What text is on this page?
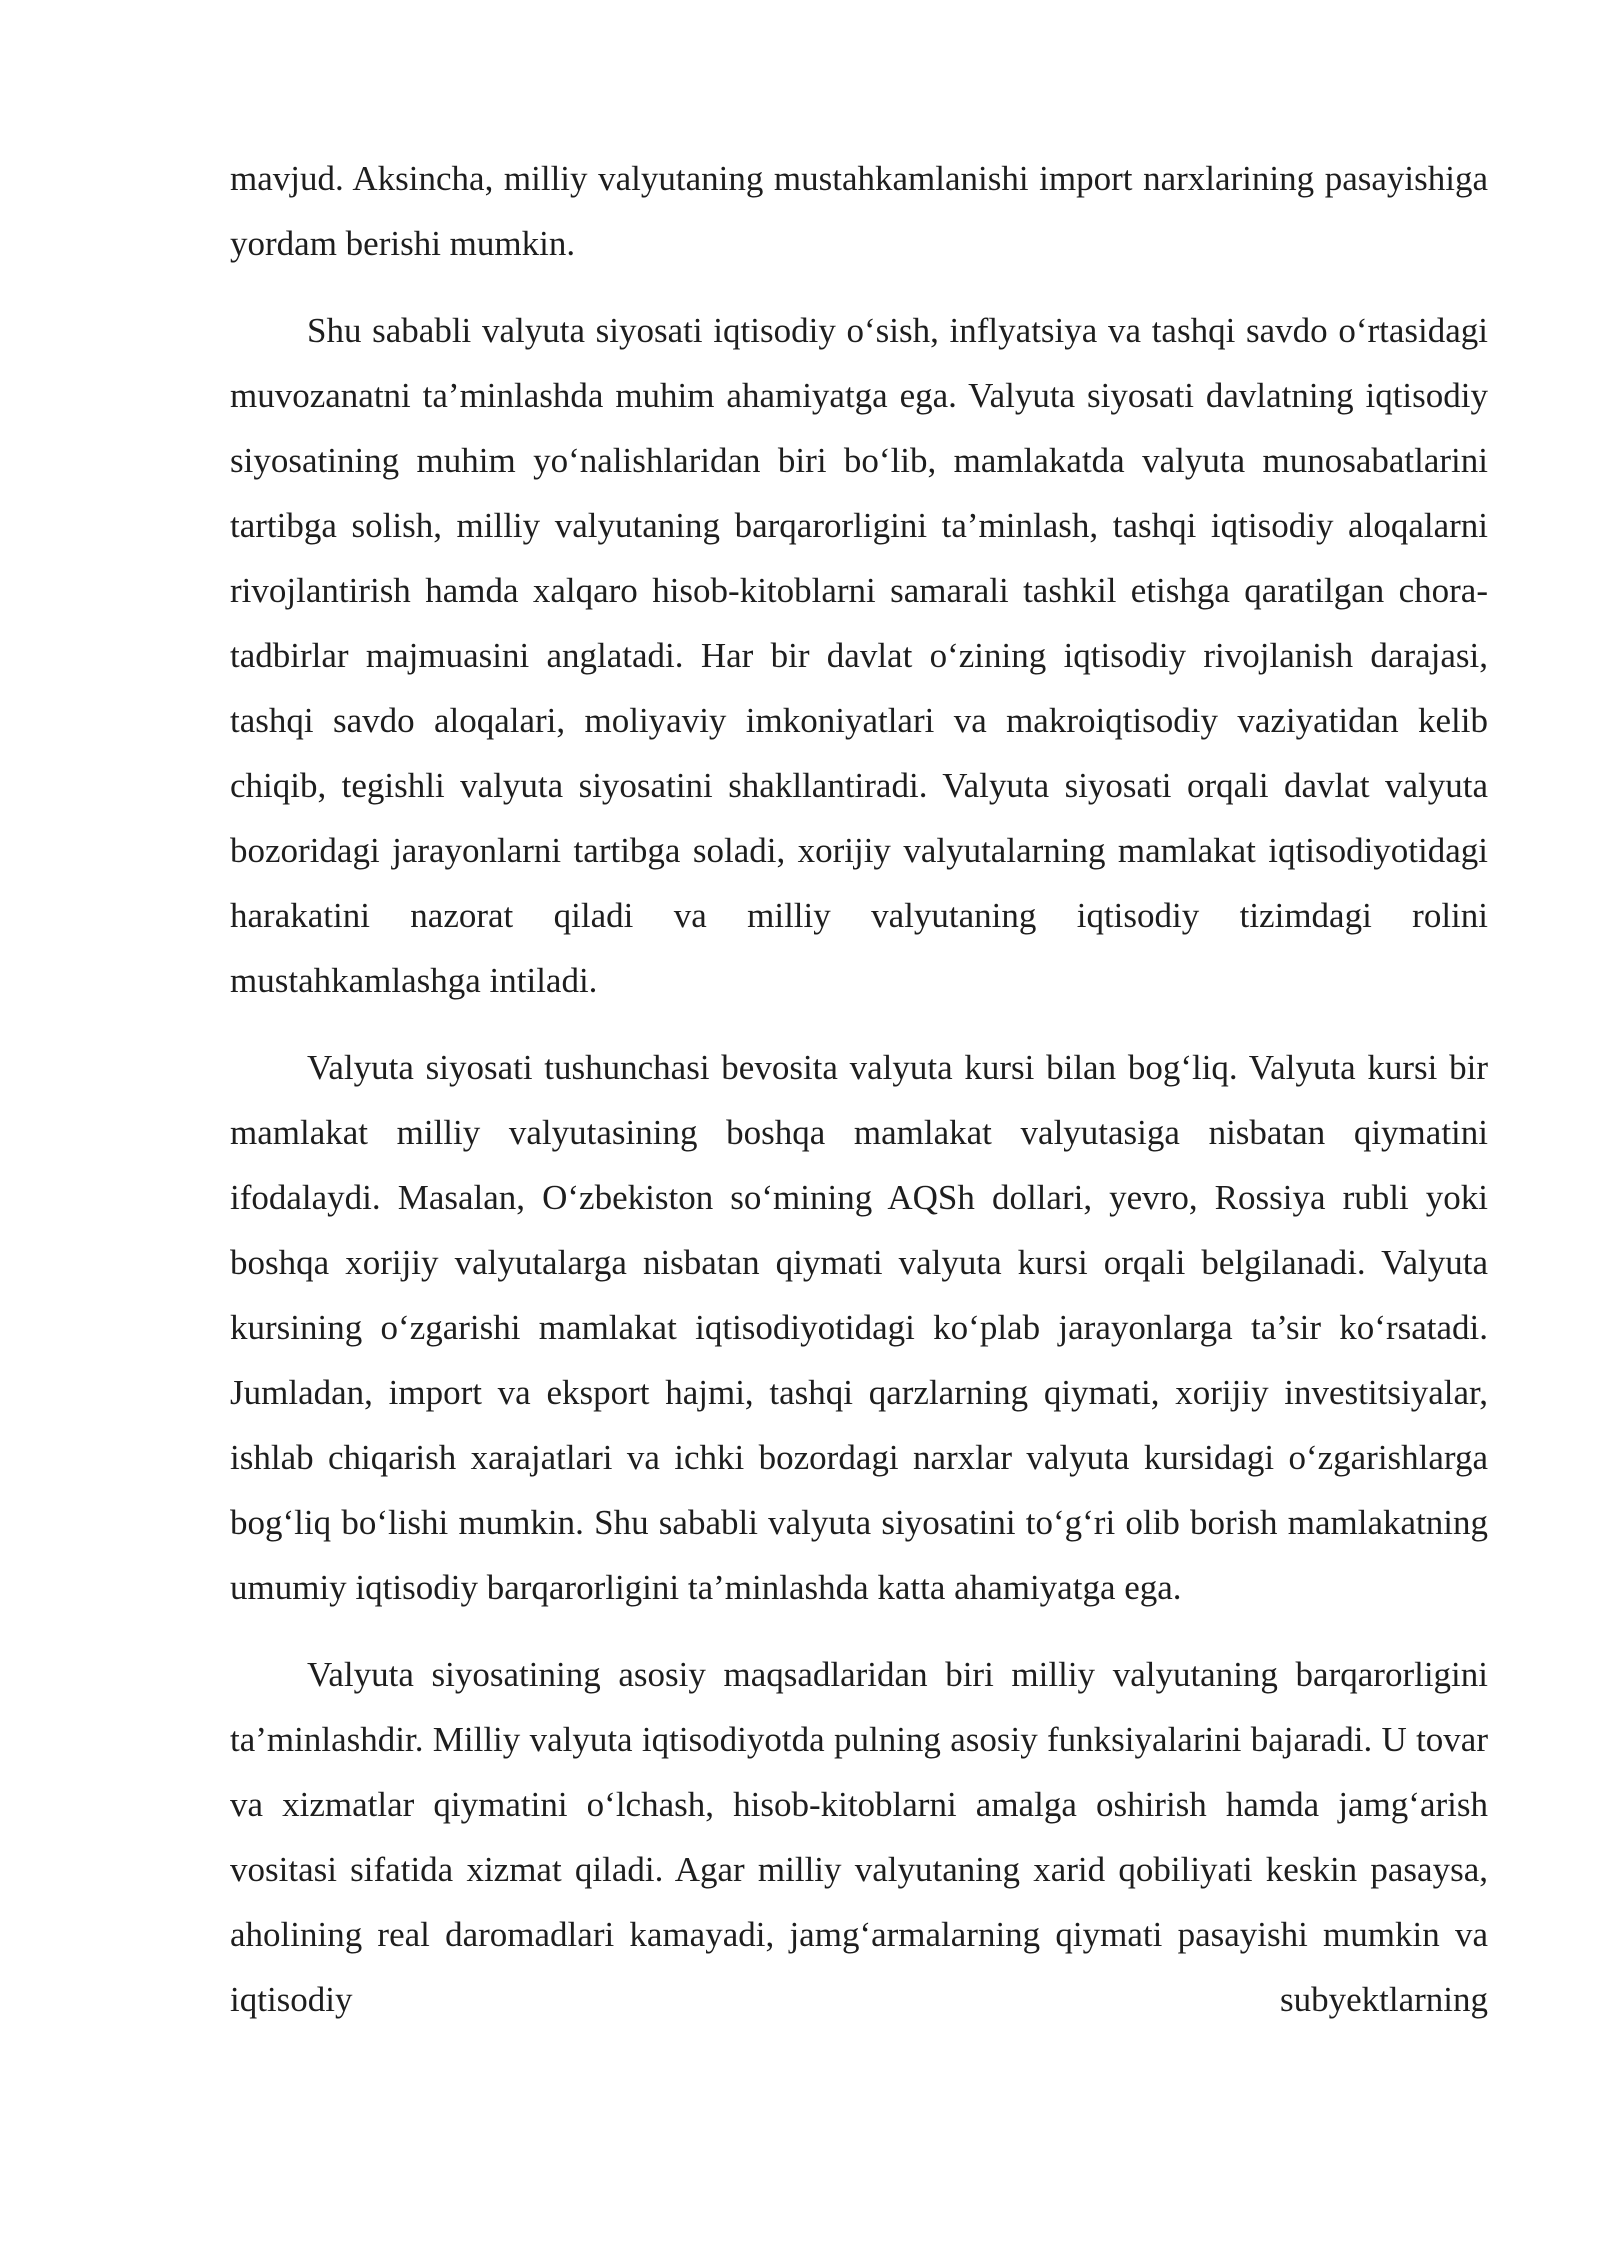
mavjud. Aksincha, milliy valyutaning mustahkamlanishi import narxlarining pasayishiga yordam berishi mumkin.

Shu sababli valyuta siyosati iqtisodiy o‘sish, inflyatsiya va tashqi savdo o‘rtasidagi muvozanatni ta’minlashda muhim ahamiyatga ega. Valyuta siyosati davlatning iqtisodiy siyosatining muhim yo‘nalishlaridan biri bo‘lib, mamlakatda valyuta munosabatlarini tartibga solish, milliy valyutaning barqarorligini ta’minlash, tashqi iqtisodiy aloqalarni rivojlantirish hamda xalqaro hisob-kitoblarni samarali tashkil etishga qaratilgan chora-tadbirlar majmuasini anglatadi. Har bir davlat o‘zining iqtisodiy rivojlanish darajasi, tashqi savdo aloqalari, moliyaviy imkoniyatlari va makroiqtisodiy vaziyatidan kelib chiqib, tegishli valyuta siyosatini shakllantiradi. Valyuta siyosati orqali davlat valyuta bozoridagi jarayonlarni tartibga soladi, xorijiy valyutalarning mamlakat iqtisodiyotidagi harakatini nazorat qiladi va milliy valyutaning iqtisodiy tizimdagi rolini mustahkamlashga intiladi.

Valyuta siyosati tushunchasi bevosita valyuta kursi bilan bog‘liq. Valyuta kursi bir mamlakat milliy valyutasining boshqa mamlakat valyutasiga nisbatan qiymatini ifodalaydi. Masalan, O‘zbekiston so‘mining AQSh dollari, yevro, Rossiya rubli yoki boshqa xorijiy valyutalarga nisbatan qiymati valyuta kursi orqali belgilanadi. Valyuta kursining o‘zgarishi mamlakat iqtisodiyotidagi ko‘plab jarayonlarga ta’sir ko‘rsatadi. Jumladan, import va eksport hajmi, tashqi qarzlarning qiymati, xorijiy investitsiyalar, ishlab chiqarish xarajatlari va ichki bozordagi narxlar valyuta kursidagi o‘zgarishlarga bog‘liq bo‘lishi mumkin. Shu sababli valyuta siyosatini to‘g‘ri olib borish mamlakatning umumiy iqtisodiy barqarorligini ta’minlashda katta ahamiyatga ega.

Valyuta siyosatining asosiy maqsadlaridan biri milliy valyutaning barqarorligini ta’minlashdir. Milliy valyuta iqtisodiyotda pulning asosiy funksiyalarini bajaradi. U tovar va xizmatlar qiymatini o‘lchash, hisob-kitoblarni amalga oshirish hamda jamg‘arish vositasi sifatida xizmat qiladi. Agar milliy valyutaning xarid qobiliyati keskin pasaysa, aholining real daromadlari kamayadi, jamg‘armalarning qiymati pasayishi mumkin va iqtisodiy subyektlarning
